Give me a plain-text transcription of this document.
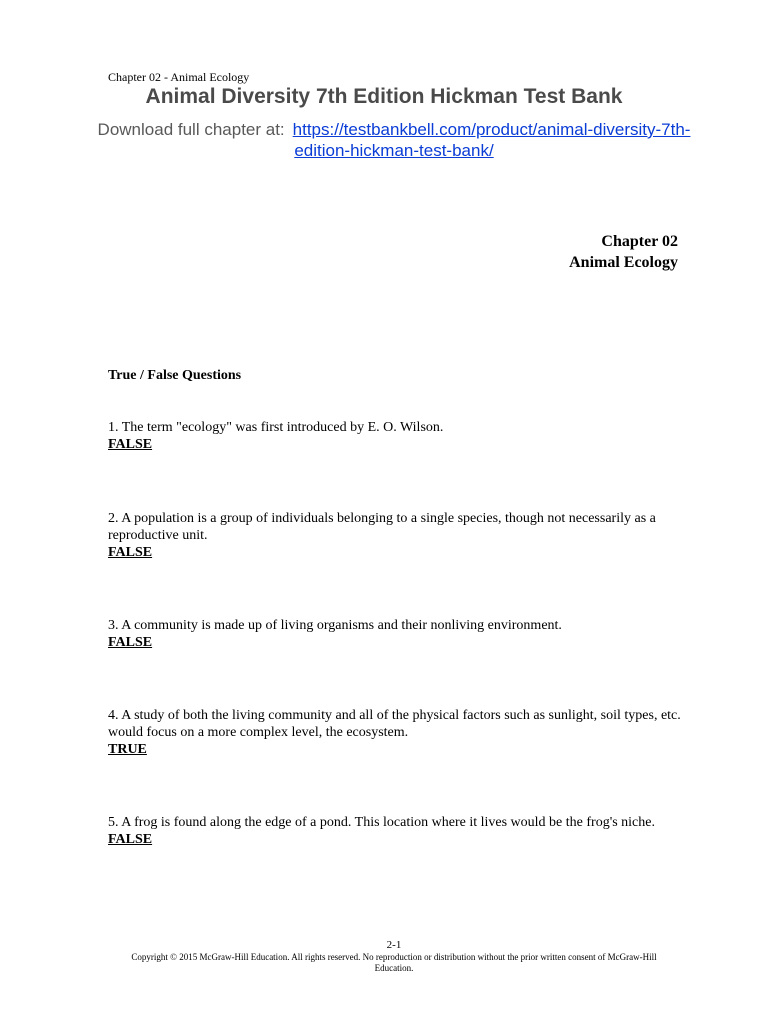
Chapter 02 - Animal Ecology
Animal Diversity 7th Edition Hickman Test Bank
Download full chapter at: https://testbankbell.com/product/animal-diversity-7th-edition-hickman-test-bank/
Chapter 02
Animal Ecology
True / False Questions
1. The term "ecology" was first introduced by E. O. Wilson.
FALSE
2. A population is a group of individuals belonging to a single species, though not necessarily as a reproductive unit.
FALSE
3. A community is made up of living organisms and their nonliving environment.
FALSE
4. A study of both the living community and all of the physical factors such as sunlight, soil types, etc. would focus on a more complex level, the ecosystem.
TRUE
5. A frog is found along the edge of a pond. This location where it lives would be the frog's niche.
FALSE
2-1
Copyright © 2015 McGraw-Hill Education. All rights reserved. No reproduction or distribution without the prior written consent of McGraw-Hill Education.
